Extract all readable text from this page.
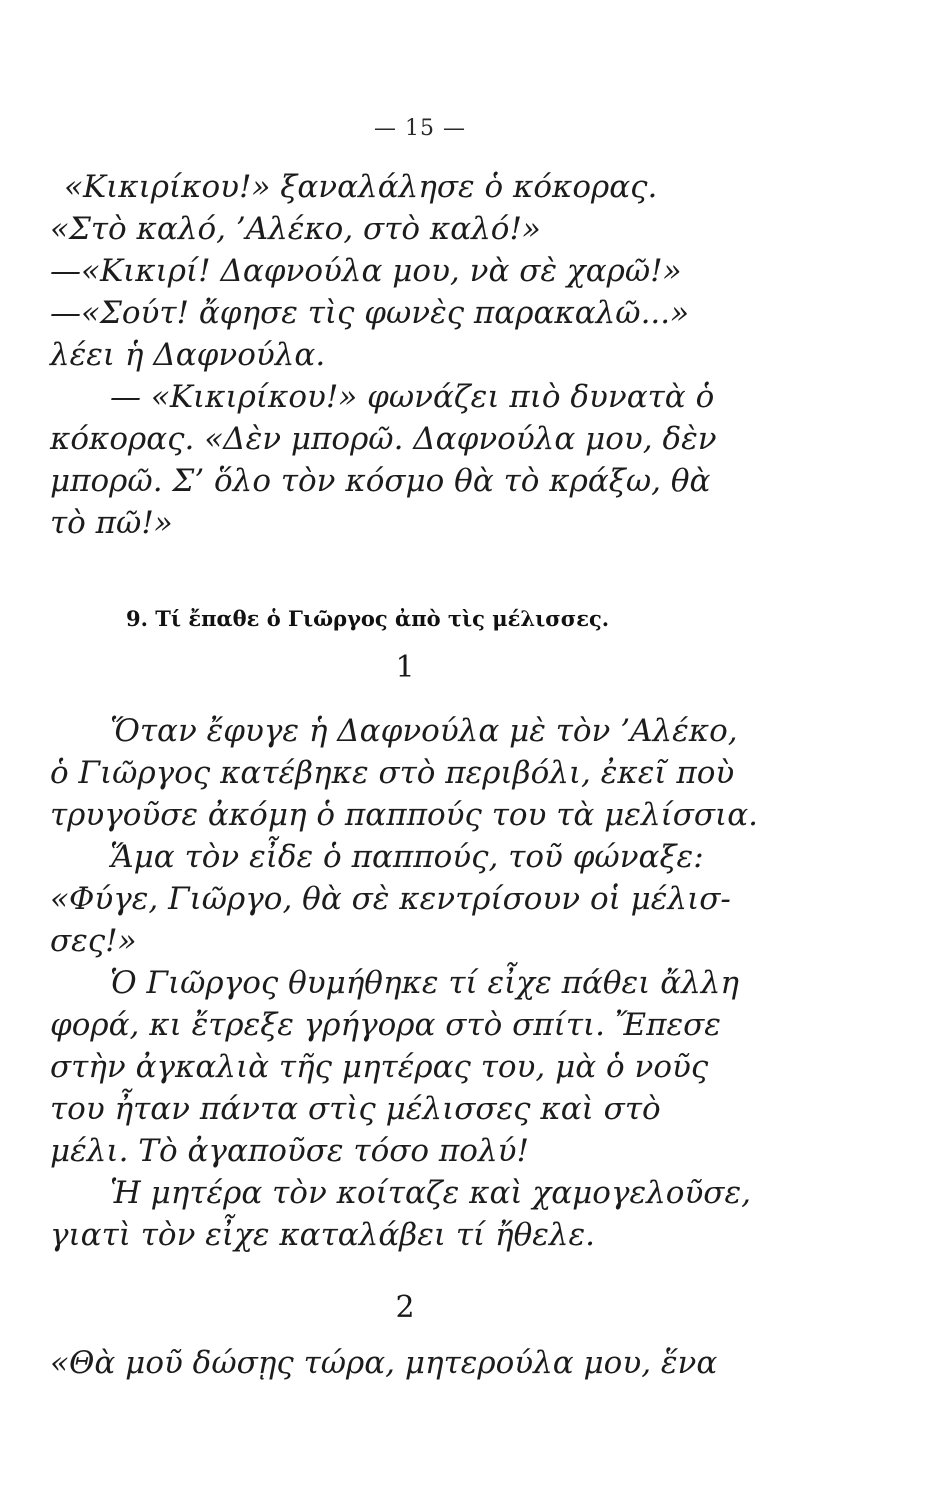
— 15 —
«Κικιρίκου!» ξαναλάλησε ὁ κόκορας.
«Στὸ καλό, ’Αλέκο, στὸ καλό!»
—«Κικιρί! Δαφνούλα μου, νὰ σὲ χαρῶ!»
—«Σούτ! ἄφησε τὶς φωνὲς παρακαλῶ...»
λέει ἡ Δαφνούλα.
— «Κικιρίκου!» φωνάζει πιὸ δυνατὰ ὁ
κόκορας. «Δὲν μπορῶ. Δαφνούλα μου, δὲν
μπορῶ. Σ’ ὅλο τὸν κόσμο θὰ τὸ κράξω, θὰ
τὸ πῶ!»
9. Τί ἔπαθε ὁ Γιῶργος ἀπὸ τὶς μέλισσες.
1
Ὅταν ἔφυγε ἡ Δαφνούλα μὲ τὸν ’Αλέκο,
ὁ Γιῶργος κατέβηκε στὸ περιβόλι, ἐκεῖ ποὺ
τρυγοῦσε ἀκόμη ὁ παππούς του τὰ μελίσσια.
Ἅμα τὸν εἶδε ὁ παππούς, τοῦ φώναξε:
«Φύγε, Γιῶργο, θὰ σὲ κεντρίσουν οἱ μέλισ-
σες!»
Ὁ Γιῶργος θυμήθηκε τί εἶχε πάθει ἄλλη
φορά, κι ἔτρεξε γρήγορα στὸ σπίτι. Ἔπεσε
στὴν ἀγκαλιὰ τῆς μητέρας του, μὰ ὁ νοῦς
του ἦταν πάντα στὶς μέλισσες καὶ στὸ
μέλι. Τὸ ἀγαποῦσε τόσο πολύ!
Ἡ μητέρα τὸν κοίταζε καὶ χαμογελοῦσε,
γιατὶ τὸν εἶχε καταλάβει τί ἤθελε.
2
«Θὰ μοῦ δώσῃς τώρα, μητερούλα μου, ἕνα
